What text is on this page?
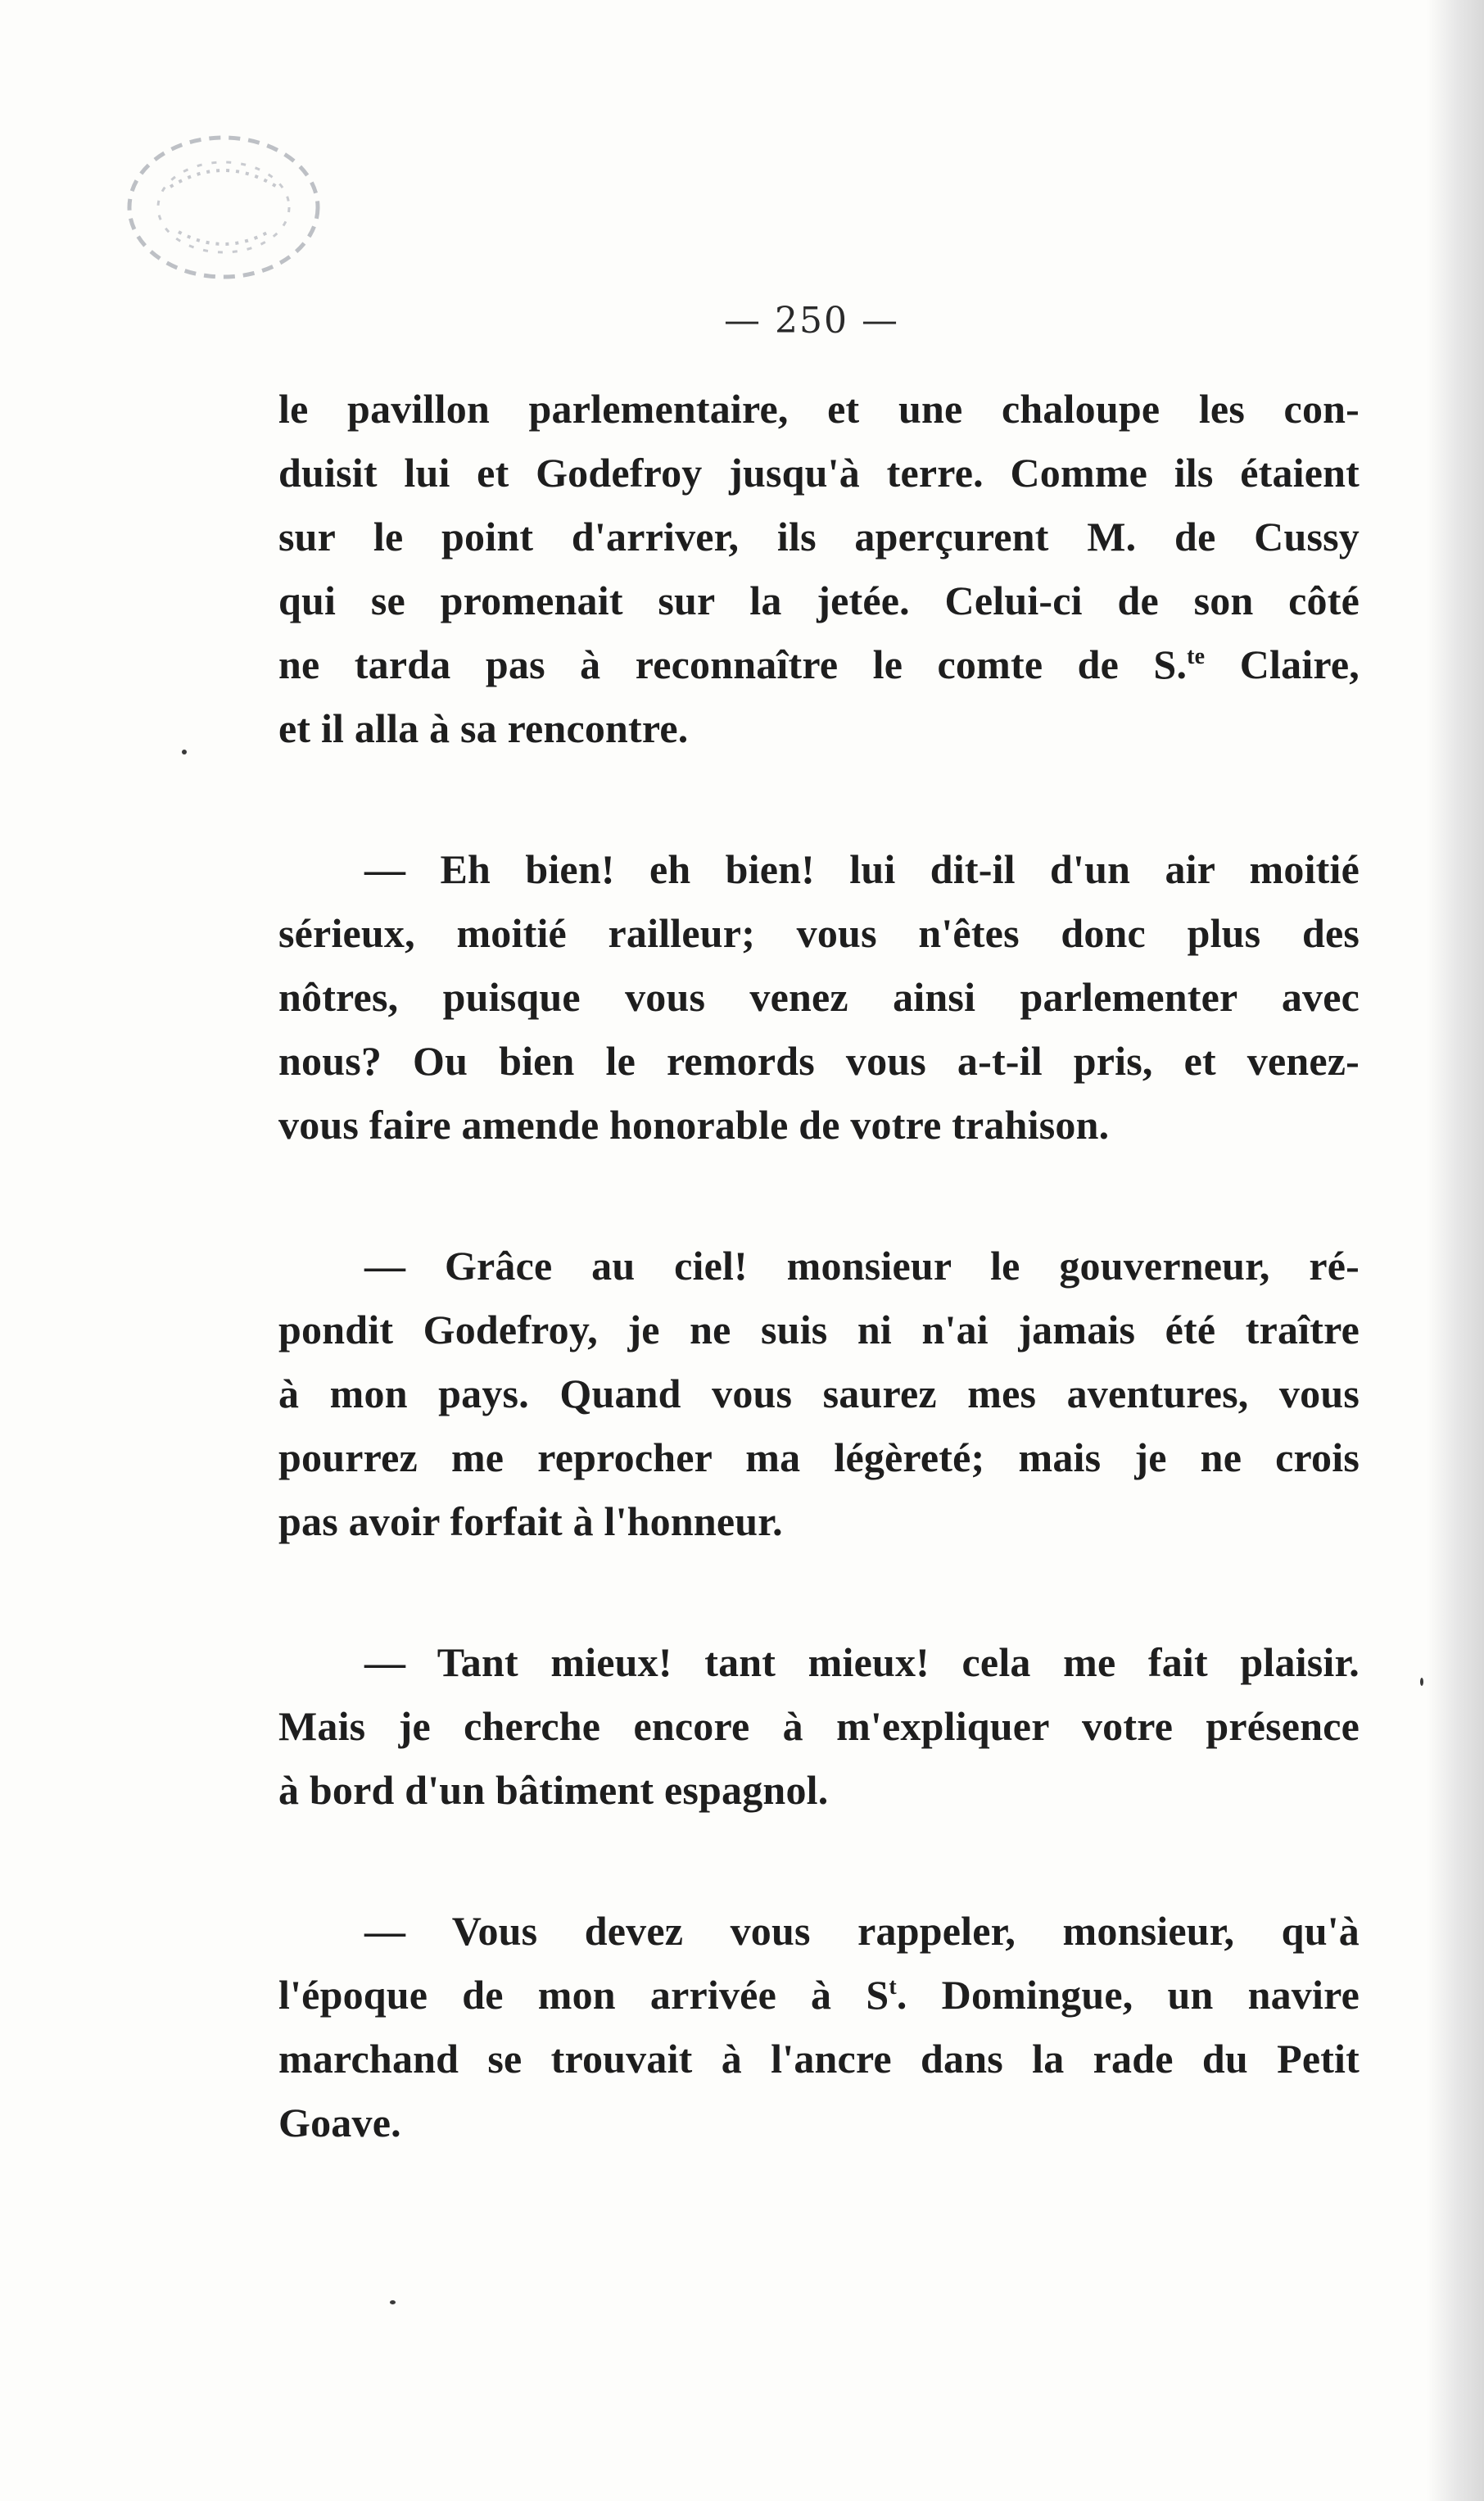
— 250 —
le pavillon parlementaire, et une chaloupe les con-
duisit lui et Godefroy jusqu'à terre. Comme ils étaient
sur le point d'arriver, ils aperçurent M. de Cussy
qui se promenait sur la jetée. Celui-ci de son côté
ne tarda pas à reconnaître le comte de S.$^{te}$ Claire,
et il alla à sa rencontre.
— Eh bien! eh bien! lui dit-il d'un air moitié
sérieux, moitié railleur; vous n'êtes donc plus des
nôtres, puisque vous venez ainsi parlementer avec
nous? Ou bien le remords vous a-t-il pris, et venez-
vous faire amende honorable de votre trahison.
— Grâce au ciel! monsieur le gouverneur, ré-
pondit Godefroy, je ne suis ni n'ai jamais été traître
à mon pays. Quand vous saurez mes aventures, vous
pourrez me reprocher ma légèreté; mais je ne crois
pas avoir forfait à l'honneur.
— Tant mieux! tant mieux! cela me fait plaisir.
Mais je cherche encore à m'expliquer votre présence
à bord d'un bâtiment espagnol.
— Vous devez vous rappeler, monsieur, qu'à
l'époque de mon arrivée à $S^t$. Domingue, un navire
marchand se trouvait à l'ancre dans la rade du Petit
Goave.
